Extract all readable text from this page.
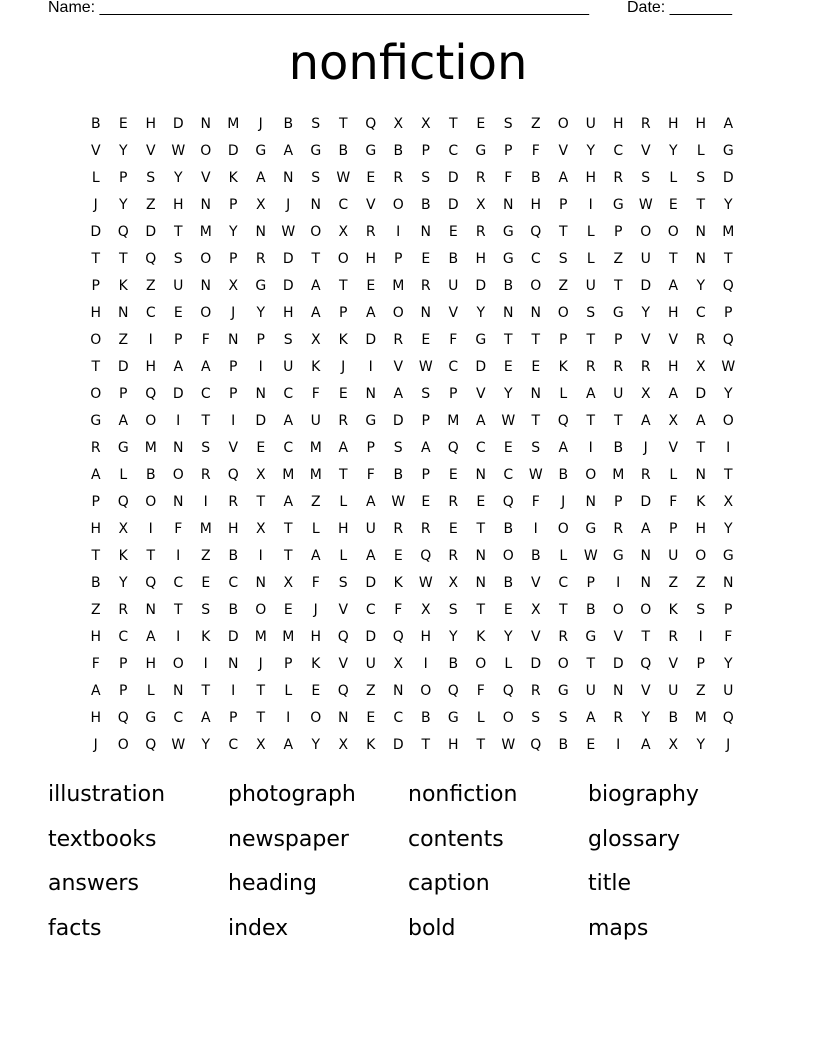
Name: _______________________________________________________ Date: _______
nonfiction
B	E	H	D	N	M	J	B	S	T	Q	X	X	T	E	S	Z	O	U	H	R	H	H	A
V	Y	V	W	O	D	G	A	G	B	G	B	P	C	G	P	F	V	Y	C	V	Y	L	G
L	P	S	Y	V	K	A	N	S	W	E	R	S	D	R	F	B	A	H	R	S	L	S	D
J	Y	Z	H	N	P	X	J	N	C	V	O	B	D	X	N	H	P	I	G	W	E	T	Y
D	Q	D	T	M	Y	N	W	O	X	R	I	N	E	R	G	Q	T	L	P	O	O	N	M
T	T	Q	S	O	P	R	D	T	O	H	P	E	B	H	G	C	S	L	Z	U	T	N	T
P	K	Z	U	N	X	G	D	A	T	E	M	R	U	D	B	O	Z	U	T	D	A	Y	Q
H	N	C	E	O	J	Y	H	A	P	A	O	N	V	Y	N	N	O	S	G	Y	H	C	P
O	Z	I	P	F	N	P	S	X	K	D	R	E	F	G	T	T	P	T	P	V	V	R	Q
T	D	H	A	A	P	I	U	K	J	I	V	W	C	D	E	E	K	R	R	R	H	X	W
O	P	Q	D	C	P	N	C	F	E	N	A	S	P	V	Y	N	L	A	U	X	A	D	Y
G	A	O	I	T	I	D	A	U	R	G	D	P	M	A	W	T	Q	T	T	A	X	A	O
R	G	M	N	S	V	E	C	M	A	P	S	A	Q	C	E	S	A	I	B	J	V	T	I
A	L	B	O	R	Q	X	M	M	T	F	B	P	E	N	C	W	B	O	M	R	L	N	T
P	Q	O	N	I	R	T	A	Z	L	A	W	E	R	E	Q	F	J	N	P	D	F	K	X
H	X	I	F	M	H	X	T	L	H	U	R	R	E	T	B	I	O	G	R	A	P	H	Y
T	K	T	I	Z	B	I	T	A	L	A	E	Q	R	N	O	B	L	W	G	N	U	O	G
B	Y	Q	C	E	C	N	X	F	S	D	K	W	X	N	B	V	C	P	I	N	Z	Z	N
Z	R	N	T	S	B	O	E	J	V	C	F	X	S	T	E	X	T	B	O	O	K	S	P
H	C	A	I	K	D	M	M	H	Q	D	Q	H	Y	K	Y	V	R	G	V	T	R	I	F
F	P	H	O	I	N	J	P	K	V	U	X	I	B	O	L	D	O	T	D	Q	V	P	Y
A	P	L	N	T	I	T	L	E	Q	Z	N	O	Q	F	Q	R	G	U	N	V	U	Z	U
H	Q	G	C	A	P	T	I	O	N	E	C	B	G	L	O	S	S	A	R	Y	B	M	Q
J	O	Q	W	Y	C	X	A	Y	X	K	D	T	H	T	W	Q	B	E	I	A	X	Y	J
illustration	photograph	nonfiction	biography
textbooks	newspaper	contents	glossary
answers	heading	caption	title
facts	index	bold	maps
